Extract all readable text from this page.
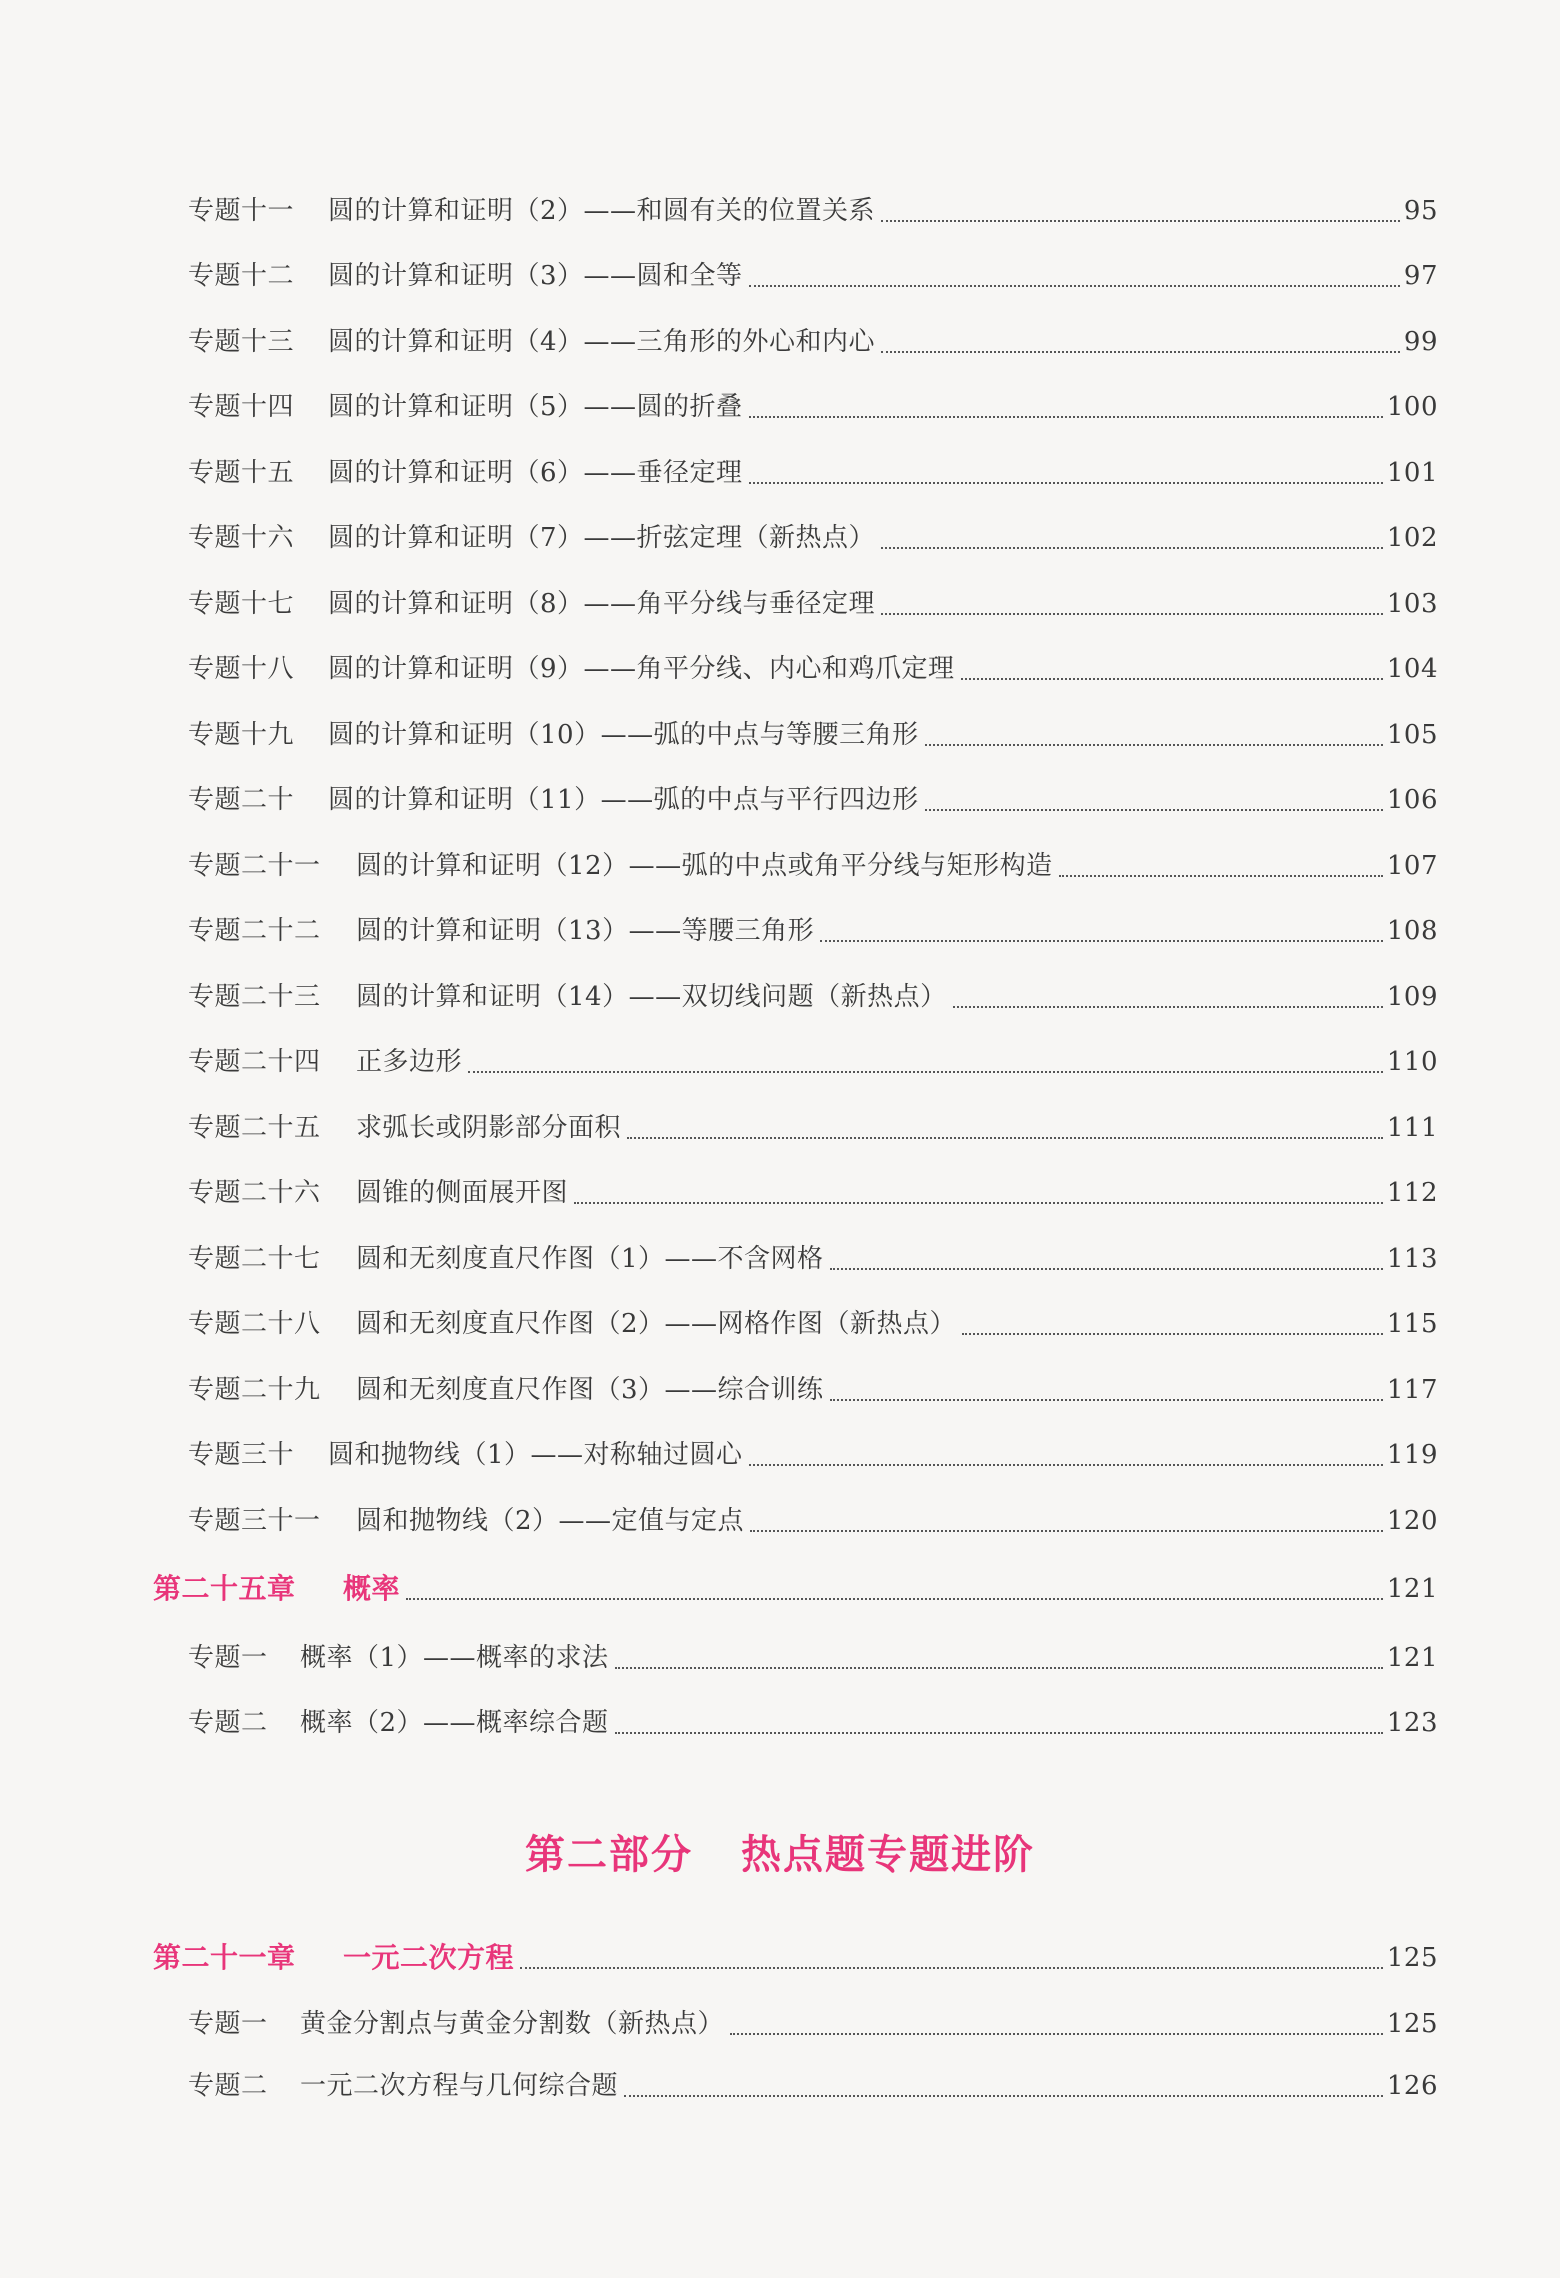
专题十一	圆的计算和证明（2）——和圆有关的位置关系	95
专题十二	圆的计算和证明（3）——圆和全等	97
专题十三	圆的计算和证明（4）——三角形的外心和内心	99
专题十四	圆的计算和证明（5）——圆的折叠	100
专题十五	圆的计算和证明（6）——垂径定理	101
专题十六	圆的计算和证明（7）——折弦定理（新热点）	102
专题十七	圆的计算和证明（8）——角平分线与垂径定理	103
专题十八	圆的计算和证明（9）——角平分线、内心和鸡爪定理	104
专题十九	圆的计算和证明（10）——弧的中点与等腰三角形	105
专题二十	圆的计算和证明（11）——弧的中点与平行四边形	106
专题二十一	圆的计算和证明（12）——弧的中点或角平分线与矩形构造	107
专题二十二	圆的计算和证明（13）——等腰三角形	108
专题二十三	圆的计算和证明（14）——双切线问题（新热点）	109
专题二十四	正多边形	110
专题二十五	求弧长或阴影部分面积	111
专题二十六	圆锥的侧面展开图	112
专题二十七	圆和无刻度直尺作图（1）——不含网格	113
专题二十八	圆和无刻度直尺作图（2）——网格作图（新热点）	115
专题二十九	圆和无刻度直尺作图（3）——综合训练	117
专题三十	圆和抛物线（1）——对称轴过圆心	119
专题三十一	圆和抛物线（2）——定值与定点	120
第二十五章	概率	121
专题一	概率（1）——概率的求法	121
专题二	概率（2）——概率综合题	123
第二十一章	一元二次方程	125
专题一	黄金分割点与黄金分割数（新热点）	125
专题二	一元二次方程与几何综合题	126
第二部分 热点题专题进阶
